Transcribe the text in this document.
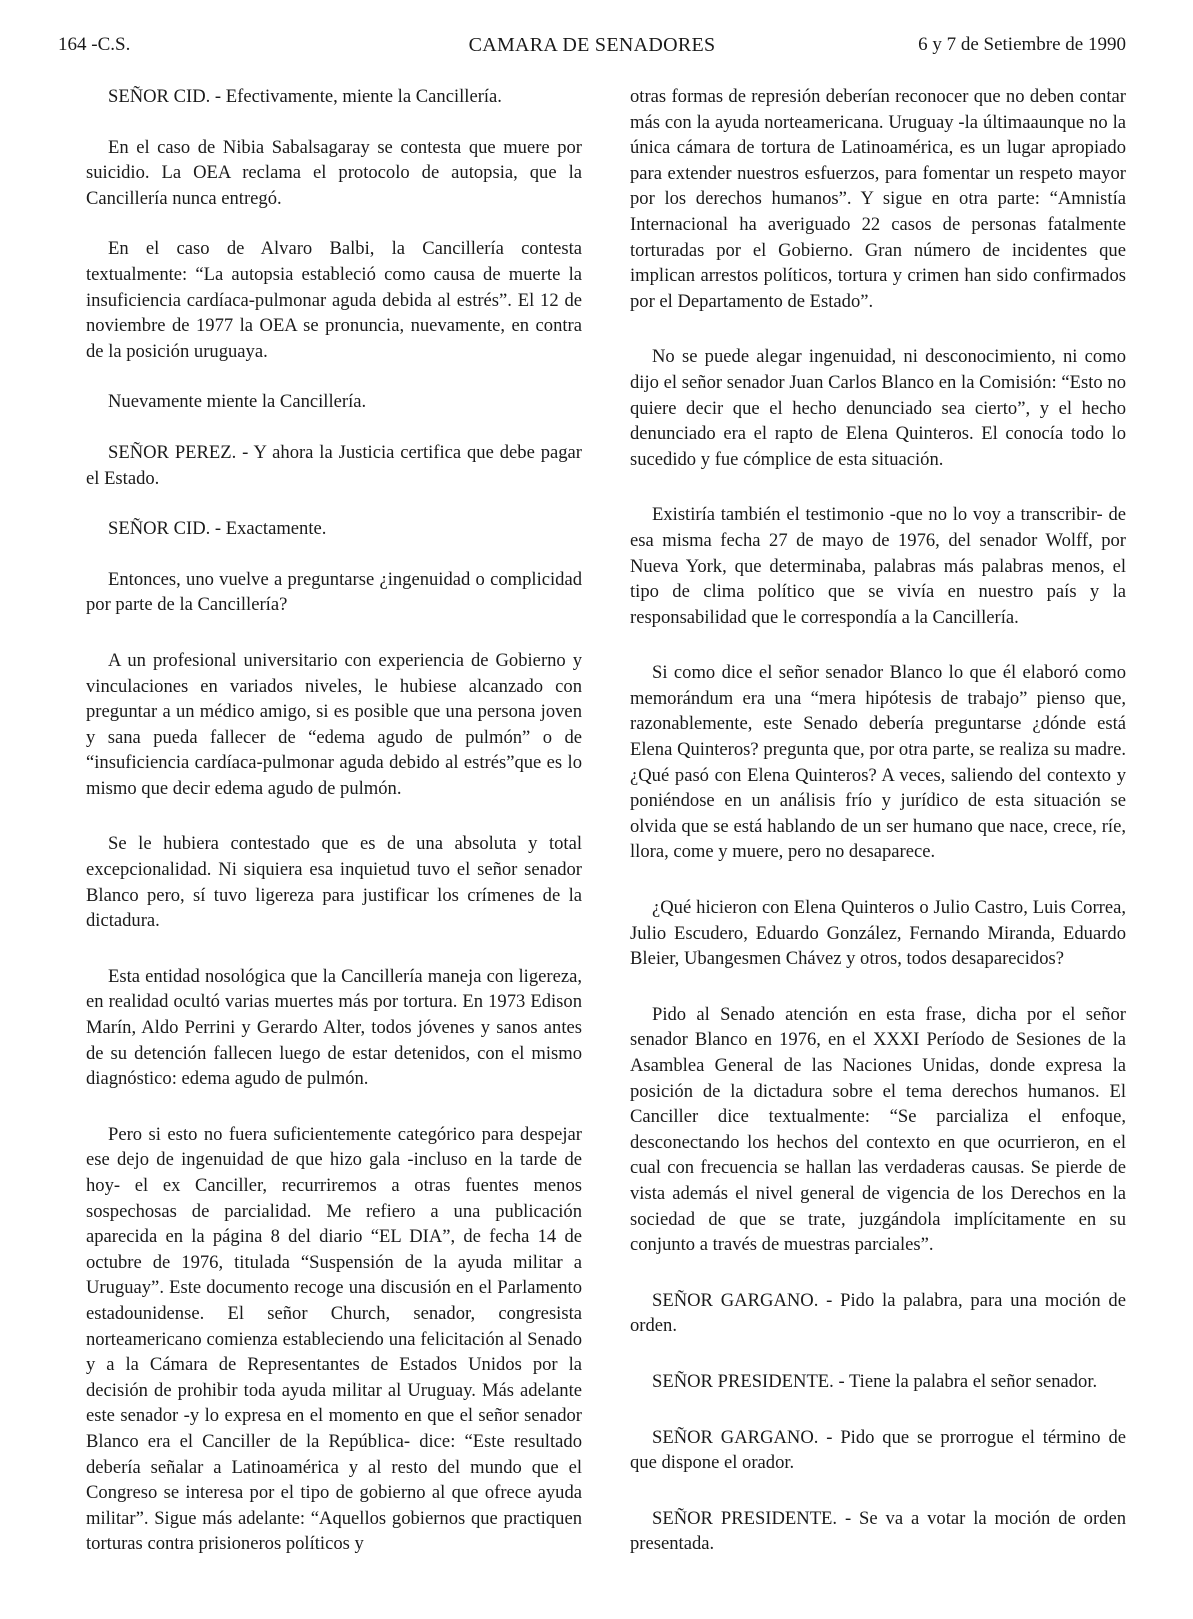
164 -C.S.	CAMARA DE SENADORES	6 y 7 de Setiembre de 1990

SEÑOR CID. - Efectivamente, miente la Cancillería.

En el caso de Nibia Sabalsagaray se contesta que muere por suicidio. La OEA reclama el protocolo de autopsia, que la Cancillería nunca entregó.

En el caso de Alvaro Balbi, la Cancillería contesta textualmente: “La autopsia estableció como causa de muerte la insuficiencia cardíaca-pulmonar aguda debida al estrés”. El 12 de noviembre de 1977 la OEA se pronuncia, nuevamente, en contra de la posición uruguaya.

Nuevamente miente la Cancillería.

SEÑOR PEREZ. - Y ahora la Justicia certifica que debe pagar el Estado.

SEÑOR CID. - Exactamente.

Entonces, uno vuelve a preguntarse ¿ingenuidad o complicidad por parte de la Cancillería?

A un profesional universitario con experiencia de Gobierno y vinculaciones en variados niveles, le hubiese alcanzado con preguntar a un médico amigo, si es posible que una persona joven y sana pueda fallecer de “edema agudo de pulmón” o de “insuficiencia cardíaca-pulmonar aguda debido al estrés”que es lo mismo que decir edema agudo de pulmón.

Se le hubiera contestado que es de una absoluta y total excepcionalidad. Ni siquiera esa inquietud tuvo el señor senador Blanco pero, sí tuvo ligereza para justificar los crímenes de la dictadura.

Esta entidad nosológica que la Cancillería maneja con ligereza, en realidad ocultó varias muertes más por tortura. En 1973 Edison Marín, Aldo Perrini y Gerardo Alter, todos jóvenes y sanos antes de su detención fallecen luego de estar detenidos, con el mismo diagnóstico: edema agudo de pulmón.

Pero si esto no fuera suficientemente categórico para despejar ese dejo de ingenuidad de que hizo gala -incluso en la tarde de hoy- el ex Canciller, recurriremos a otras fuentes menos sospechosas de parcialidad. Me refiero a una publicación aparecida en la página 8 del diario “EL DIA”, de fecha 14 de octubre de 1976, titulada “Suspensión de la ayuda militar a Uruguay”. Este documento recoge una discusión en el Parlamento estadounidense. El señor Church, senador, congresista norteamericano comienza estableciendo una felicitación al Senado y a la Cámara de Representantes de Estados Unidos por la decisión de prohibir toda ayuda militar al Uruguay. Más adelante este senador -y lo expresa en el momento en que el señor senador Blanco era el Canciller de la República- dice: “Este resultado debería señalar a Latinoamérica y al resto del mundo que el Congreso se interesa por el tipo de gobierno al que ofrece ayuda militar”. Sigue más adelante: “Aquellos gobiernos que practiquen torturas contra prisioneros políticos y

otras formas de represión deberían reconocer que no deben contar más con la ayuda norteamericana. Uruguay -la últimaaunque no la única cámara de tortura de Latinoamérica, es un lugar apropiado para extender nuestros esfuerzos, para fomentar un respeto mayor por los derechos humanos”. Y sigue en otra parte: “Amnistía Internacional ha averiguado 22 casos de personas fatalmente torturadas por el Gobierno. Gran número de incidentes que implican arrestos políticos, tortura y crimen han sido confirmados por el Departamento de Estado”.

No se puede alegar ingenuidad, ni desconocimiento, ni como dijo el señor senador Juan Carlos Blanco en la Comisión: “Esto no quiere decir que el hecho denunciado sea cierto”, y el hecho denunciado era el rapto de Elena Quinteros. El conocía todo lo sucedido y fue cómplice de esta situación.

Existiría también el testimonio -que no lo voy a transcribir- de esa misma fecha 27 de mayo de 1976, del senador Wolff, por Nueva York, que determinaba, palabras más palabras menos, el tipo de clima político que se vivía en nuestro país y la responsabilidad que le correspondía a la Cancillería.

Si como dice el señor senador Blanco lo que él elaboró como memorándum era una “mera hipótesis de trabajo” pienso que, razonablemente, este Senado debería preguntarse ¿dónde está Elena Quinteros? pregunta que, por otra parte, se realiza su madre. ¿Qué pasó con Elena Quinteros? A veces, saliendo del contexto y poniéndose en un análisis frío y jurídico de esta situación se olvida que se está hablando de un ser humano que nace, crece, ríe, llora, come y muere, pero no desaparece.

¿Qué hicieron con Elena Quinteros o Julio Castro, Luis Correa, Julio Escudero, Eduardo González, Fernando Miranda, Eduardo Bleier, Ubangesmen Chávez y otros, todos desaparecidos?

Pido al Senado atención en esta frase, dicha por el señor senador Blanco en 1976, en el XXXI Período de Sesiones de la Asamblea General de las Naciones Unidas, donde expresa la posición de la dictadura sobre el tema derechos humanos. El Canciller dice textualmente: “Se parcializa el enfoque, desconectando los hechos del contexto en que ocurrieron, en el cual con frecuencia se hallan las verdaderas causas. Se pierde de vista además el nivel general de vigencia de los Derechos en la sociedad de que se trate, juzgándola implícitamente en su conjunto a través de muestras parciales”.

SEÑOR GARGANO. - Pido la palabra, para una moción de orden.

SEÑOR PRESIDENTE. - Tiene la palabra el señor senador.

SEÑOR GARGANO. - Pido que se prorrogue el término de que dispone el orador.

SEÑOR PRESIDENTE. - Se va a votar la moción de orden presentada.
